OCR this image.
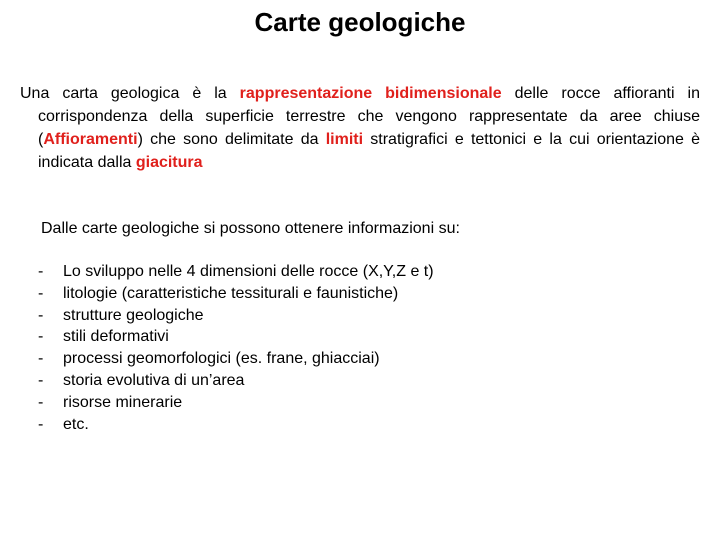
Carte geologiche
Una carta geologica è la rappresentazione bidimensionale delle rocce affioranti in corrispondenza della superficie terrestre che vengono rappresentate da aree chiuse (Affioramenti) che sono delimitate da limiti stratigrafici e tettonici e la cui orientazione è indicata dalla giacitura
Dalle carte geologiche si possono ottenere informazioni su:
-	Lo sviluppo nelle 4 dimensioni delle rocce (X,Y,Z e t)
-	litologie (caratteristiche tessiturali e faunistiche)
-	strutture geologiche
-	stili deformativi
-	processi geomorfologici (es. frane, ghiacciai)
-	storia evolutiva di un’area
-	risorse minerarie
-	etc.
